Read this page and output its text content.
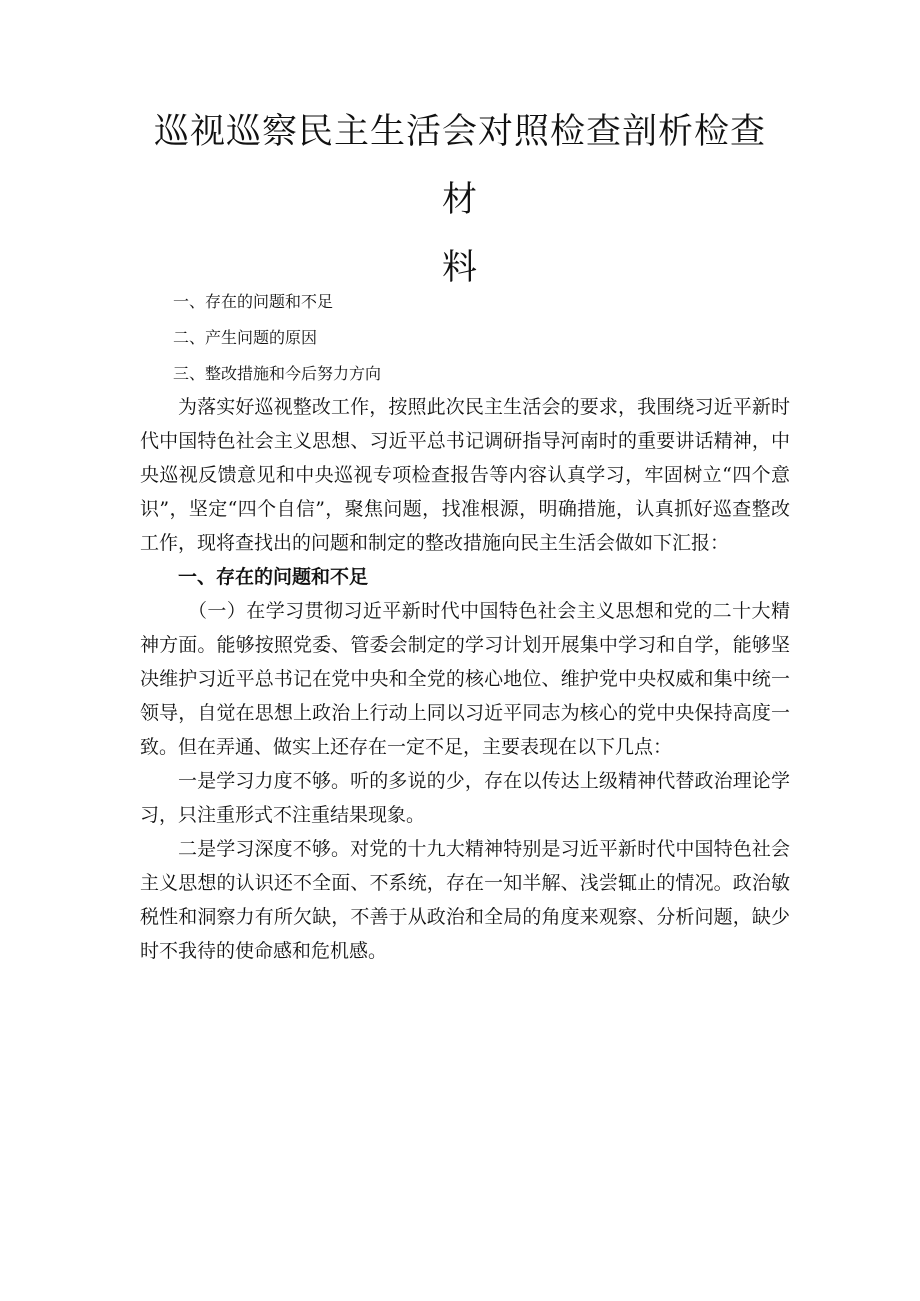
巡视巡察民主生活会对照检查剖析检查材
料
一、存在的问题和不足
二、产生问题的原因
三、整改措施和今后努力方向

为落实好巡视整改工作，按照此次民主生活会的要求，我围绕习近平新时代中国特色社会主义思想、习近平总书记调研指导河南时的重要讲话精神，中央巡视反馈意见和中央巡视专项检查报告等内容认真学习，牢固树立“四个意识”，坚定“四个自信”，聚焦问题，找准根源，明确措施，认真抓好巡查整改工作，现将查找出的问题和制定的整改措施向民主生活会做如下汇报：

一、存在的问题和不足

（一）在学习贯彻习近平新时代中国特色社会主义思想和党的二十大精神方面。能够按照党委、管委会制定的学习计划开展集中学习和自学，能够坚决维护习近平总书记在党中央和全党的核心地位、维护党中央权威和集中统一领导，自觉在思想上政治上行动上同以习近平同志为核心的党中央保持高度一致。但在弄通、做实上还存在一定不足，主要表现在以下几点：

一是学习力度不够。听的多说的少，存在以传达上级精神代替政治理论学习，只注重形式不注重结果现象。

二是学习深度不够。对党的十九大精神特别是习近平新时代中国特色社会主义思想的认识还不全面、不系统，存在一知半解、浅尝辄止的情况。政治敏税性和洞察力有所欠缺，不善于从政治和全局的角度来观察、分析问题，缺少时不我待的使命感和危机感。
